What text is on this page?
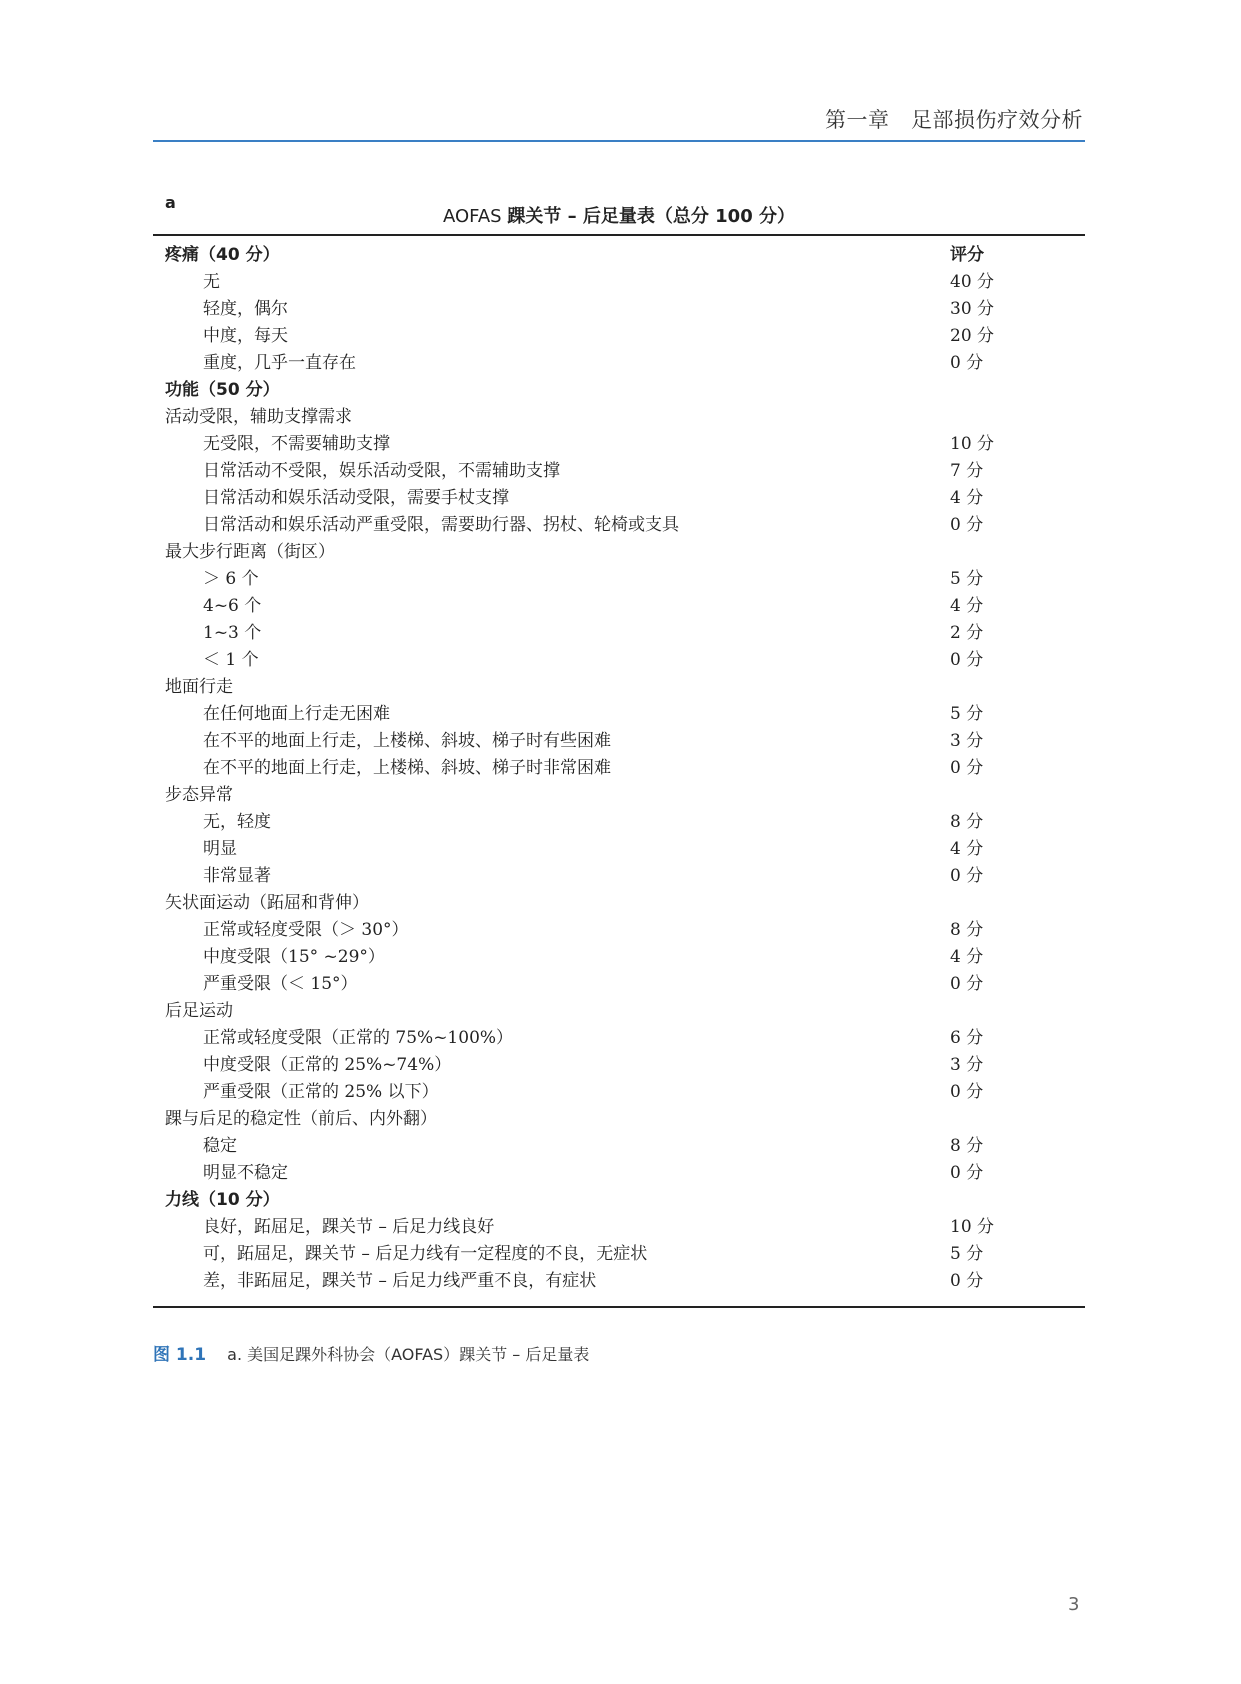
第一章　足部损伤疗效分析
a
AOFAS 踝关节 – 后足量表（总分 100 分）
疼痛（40 分）	评分
无	40 分
轻度，偶尔	30 分
中度，每天	20 分
重度，几乎一直存在	0 分
功能（50 分）
活动受限，辅助支撑需求
无受限，不需要辅助支撑	10 分
日常活动不受限，娱乐活动受限，不需辅助支撑	7 分
日常活动和娱乐活动受限，需要手杖支撑	4 分
日常活动和娱乐活动严重受限，需要助行器、拐杖、轮椅或支具	0 分
最大步行距离（街区）
＞ 6 个	5 分
4~6 个	4 分
1~3 个	2 分
＜ 1 个	0 分
地面行走
在任何地面上行走无困难	5 分
在不平的地面上行走，上楼梯、斜坡、梯子时有些困难	3 分
在不平的地面上行走，上楼梯、斜坡、梯子时非常困难	0 分
步态异常
无，轻度	8 分
明显	4 分
非常显著	0 分
矢状面运动（跖屈和背伸）
正常或轻度受限（＞ 30°）	8 分
中度受限（15° ~29°）	4 分
严重受限（＜ 15°）	0 分
后足运动
正常或轻度受限（正常的 75%~100%）	6 分
中度受限（正常的 25%~74%）	3 分
严重受限（正常的 25% 以下）	0 分
踝与后足的稳定性（前后、内外翻）
稳定	8 分
明显不稳定	0 分
力线（10 分）
良好，跖屈足，踝关节 – 后足力线良好	10 分
可，跖屈足，踝关节 – 后足力线有一定程度的不良，无症状	5 分
差，非跖屈足，踝关节 – 后足力线严重不良，有症状	0 分
图 1.1 a. 美国足踝外科协会（AOFAS）踝关节 – 后足量表
3
